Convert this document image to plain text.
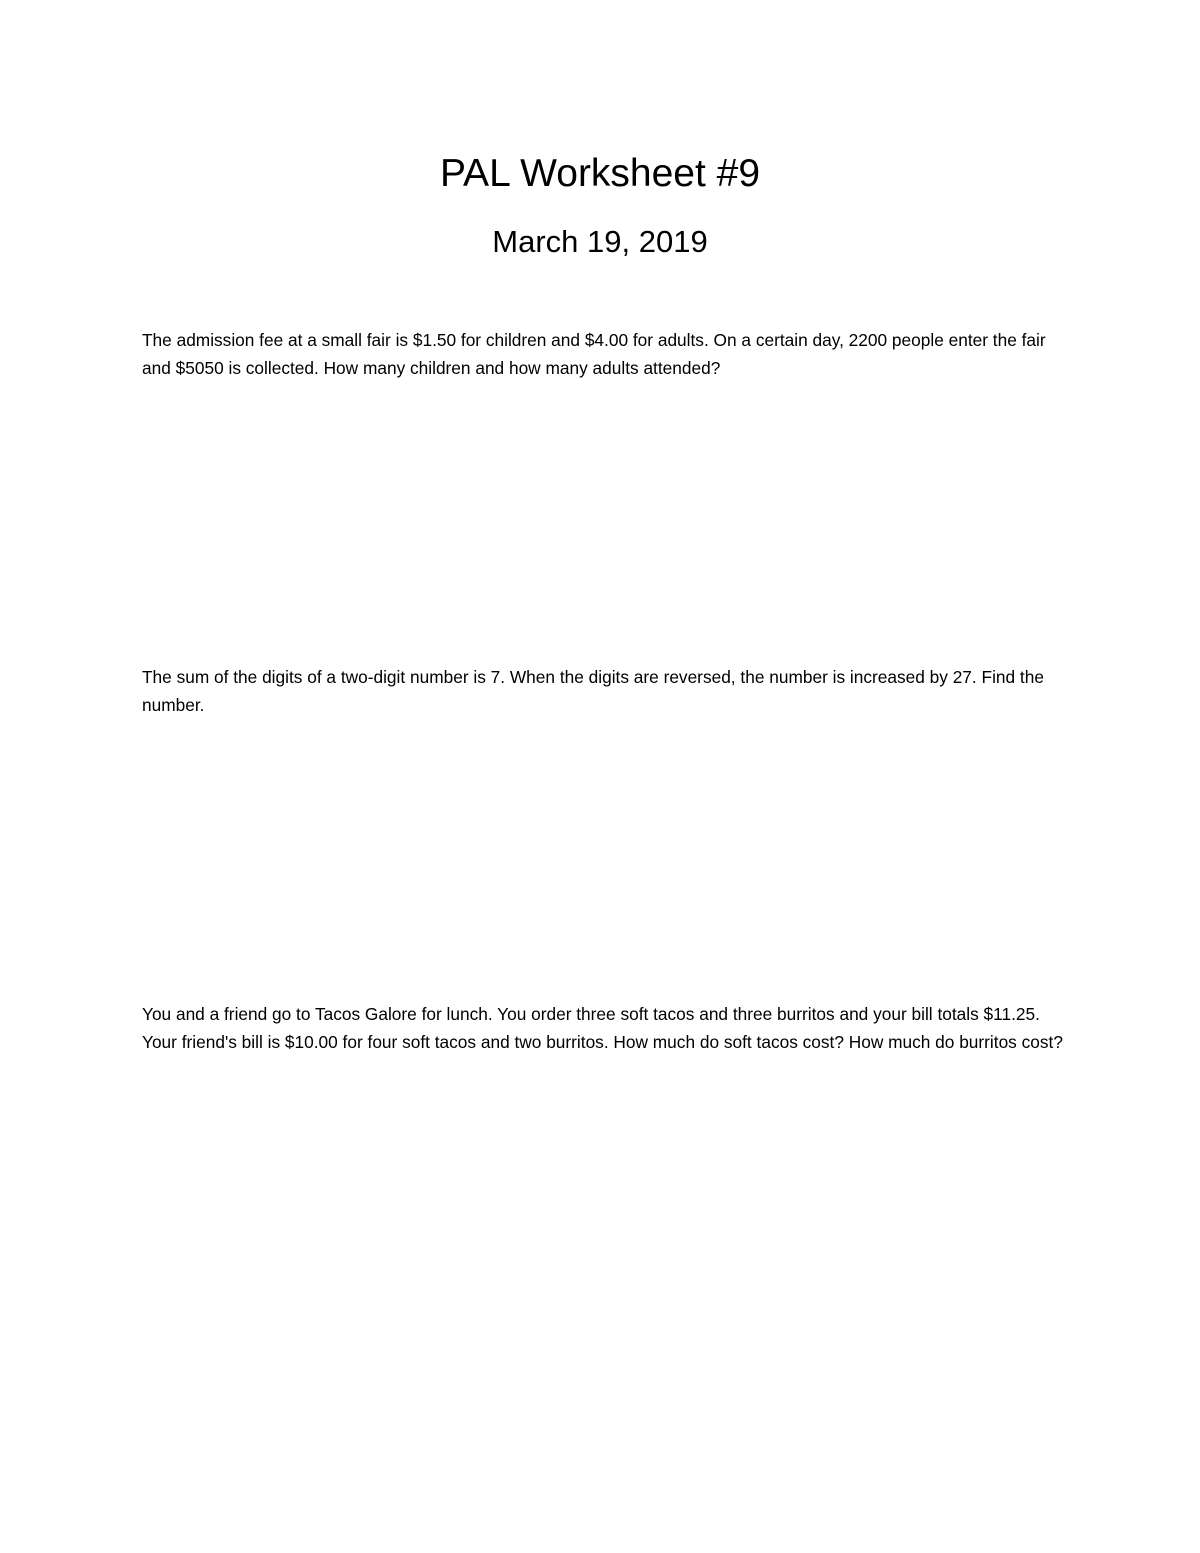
PAL Worksheet #9
March 19, 2019

The admission fee at a small fair is $1.50 for children and $4.00 for adults. On a certain day, 2200 people enter the fair and $5050 is collected. How many children and how many adults attended?

The sum of the digits of a two-digit number is 7. When the digits are reversed, the number is increased by 27. Find the number.

You and a friend go to Tacos Galore for lunch. You order three soft tacos and three burritos and your bill totals $11.25. Your friend's bill is $10.00 for four soft tacos and two burritos. How much do soft tacos cost? How much do burritos cost?
